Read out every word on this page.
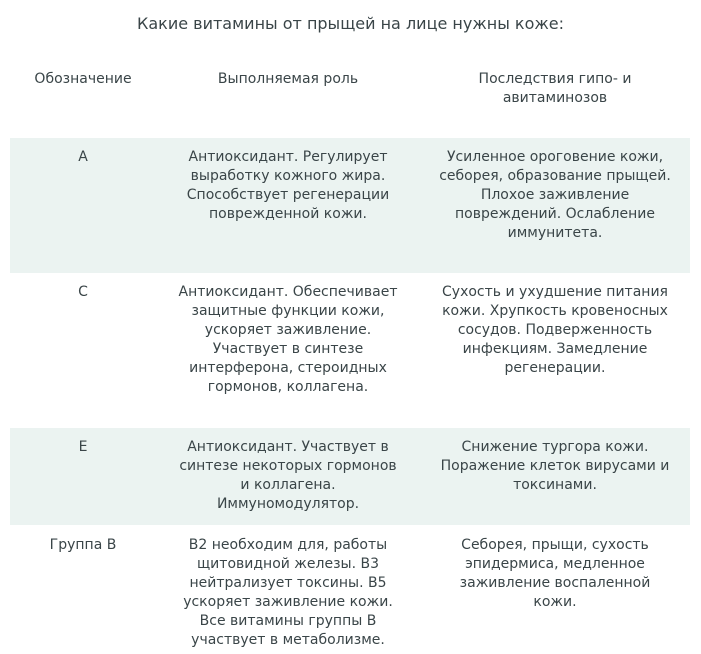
Какие витамины от прыщей на лице нужны коже:
Обозначение	Выполняемая роль	Последствия гипо- и авитаминозов
А	Антиоксидант. Регулирует выработку кожного жира. Способствует регенерации поврежденной кожи.	Усиленное ороговение кожи, себорея, образование прыщей. Плохое заживление повреждений. Ослабление иммунитета.
С	Антиоксидант. Обеспечивает защитные функции кожи, ускоряет заживление. Участвует в синтезе интерферона, стероидных гормонов, коллагена.	Сухость и ухудшение питания кожи. Хрупкость кровеносных сосудов. Подверженность инфекциям. Замедление регенерации.
Е	Антиоксидант. Участвует в синтезе некоторых гормонов и коллагена. Иммуномодулятор.	Снижение тургора кожи. Поражение клеток вирусами и токсинами.
Группа В	В2 необходим для, работы щитовидной железы. В3 нейтрализует токсины. В5 ускоряет заживление кожи. Все витамины группы В участвует в метаболизме.	Себорея, прыщи, сухость эпидермиса, медленное заживление воспаленной кожи.
